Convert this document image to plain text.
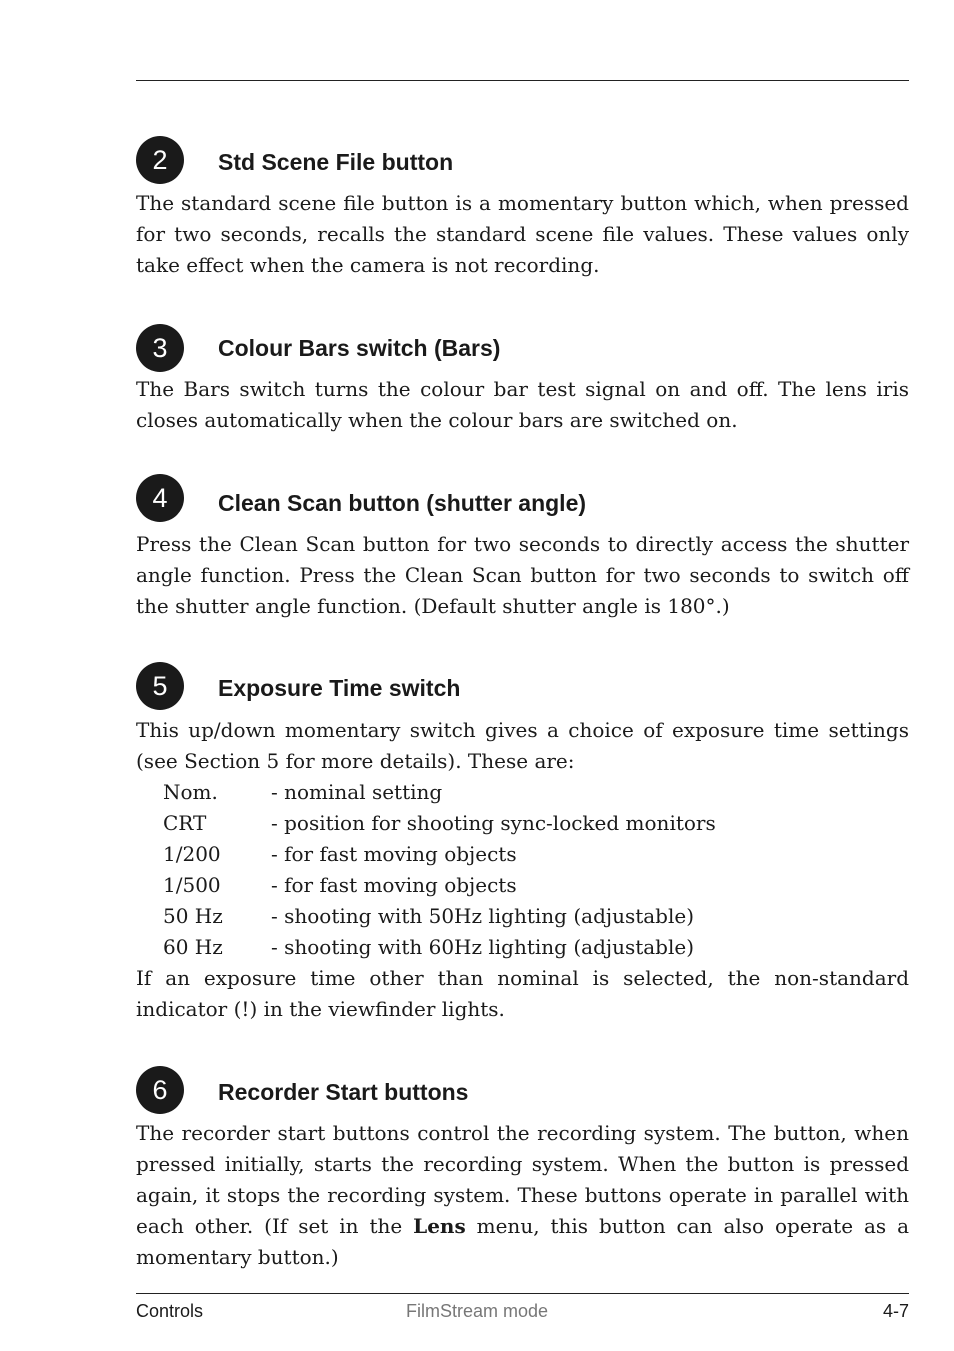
2	Std Scene File button

The standard scene file button is a momentary button which, when pressed for two seconds, recalls the standard scene file values. These values only take effect when the camera is not recording.

3	Colour Bars switch (Bars)

The Bars switch turns the colour bar test signal on and off. The lens iris closes automatically when the colour bars are switched on.

4	Clean Scan button (shutter angle)

Press the Clean Scan button for two seconds to directly access the shutter angle function. Press the Clean Scan button for two seconds to switch off the shutter angle function. (Default shutter angle is 180°.)

5	Exposure Time switch

This up/down momentary switch gives a choice of exposure time settings (see Section 5 for more details). These are:

Nom.	- nominal setting
CRT	- position for shooting sync-locked monitors
1/200	- for fast moving objects
1/500	- for fast moving objects
50 Hz - shooting with 50Hz lighting (adjustable)
60 Hz - shooting with 60Hz lighting (adjustable)

If an exposure time other than nominal is selected, the non-standard indicator (!) in the viewfinder lights.

6	Recorder Start buttons

The recorder start buttons control the recording system. The button, when pressed initially, starts the recording system. When the button is pressed again, it stops the recording system. These buttons operate in parallel with each other. (If set in the Lens menu, this button can also operate as a momentary button.)

Controls	FilmStream mode	4-7
